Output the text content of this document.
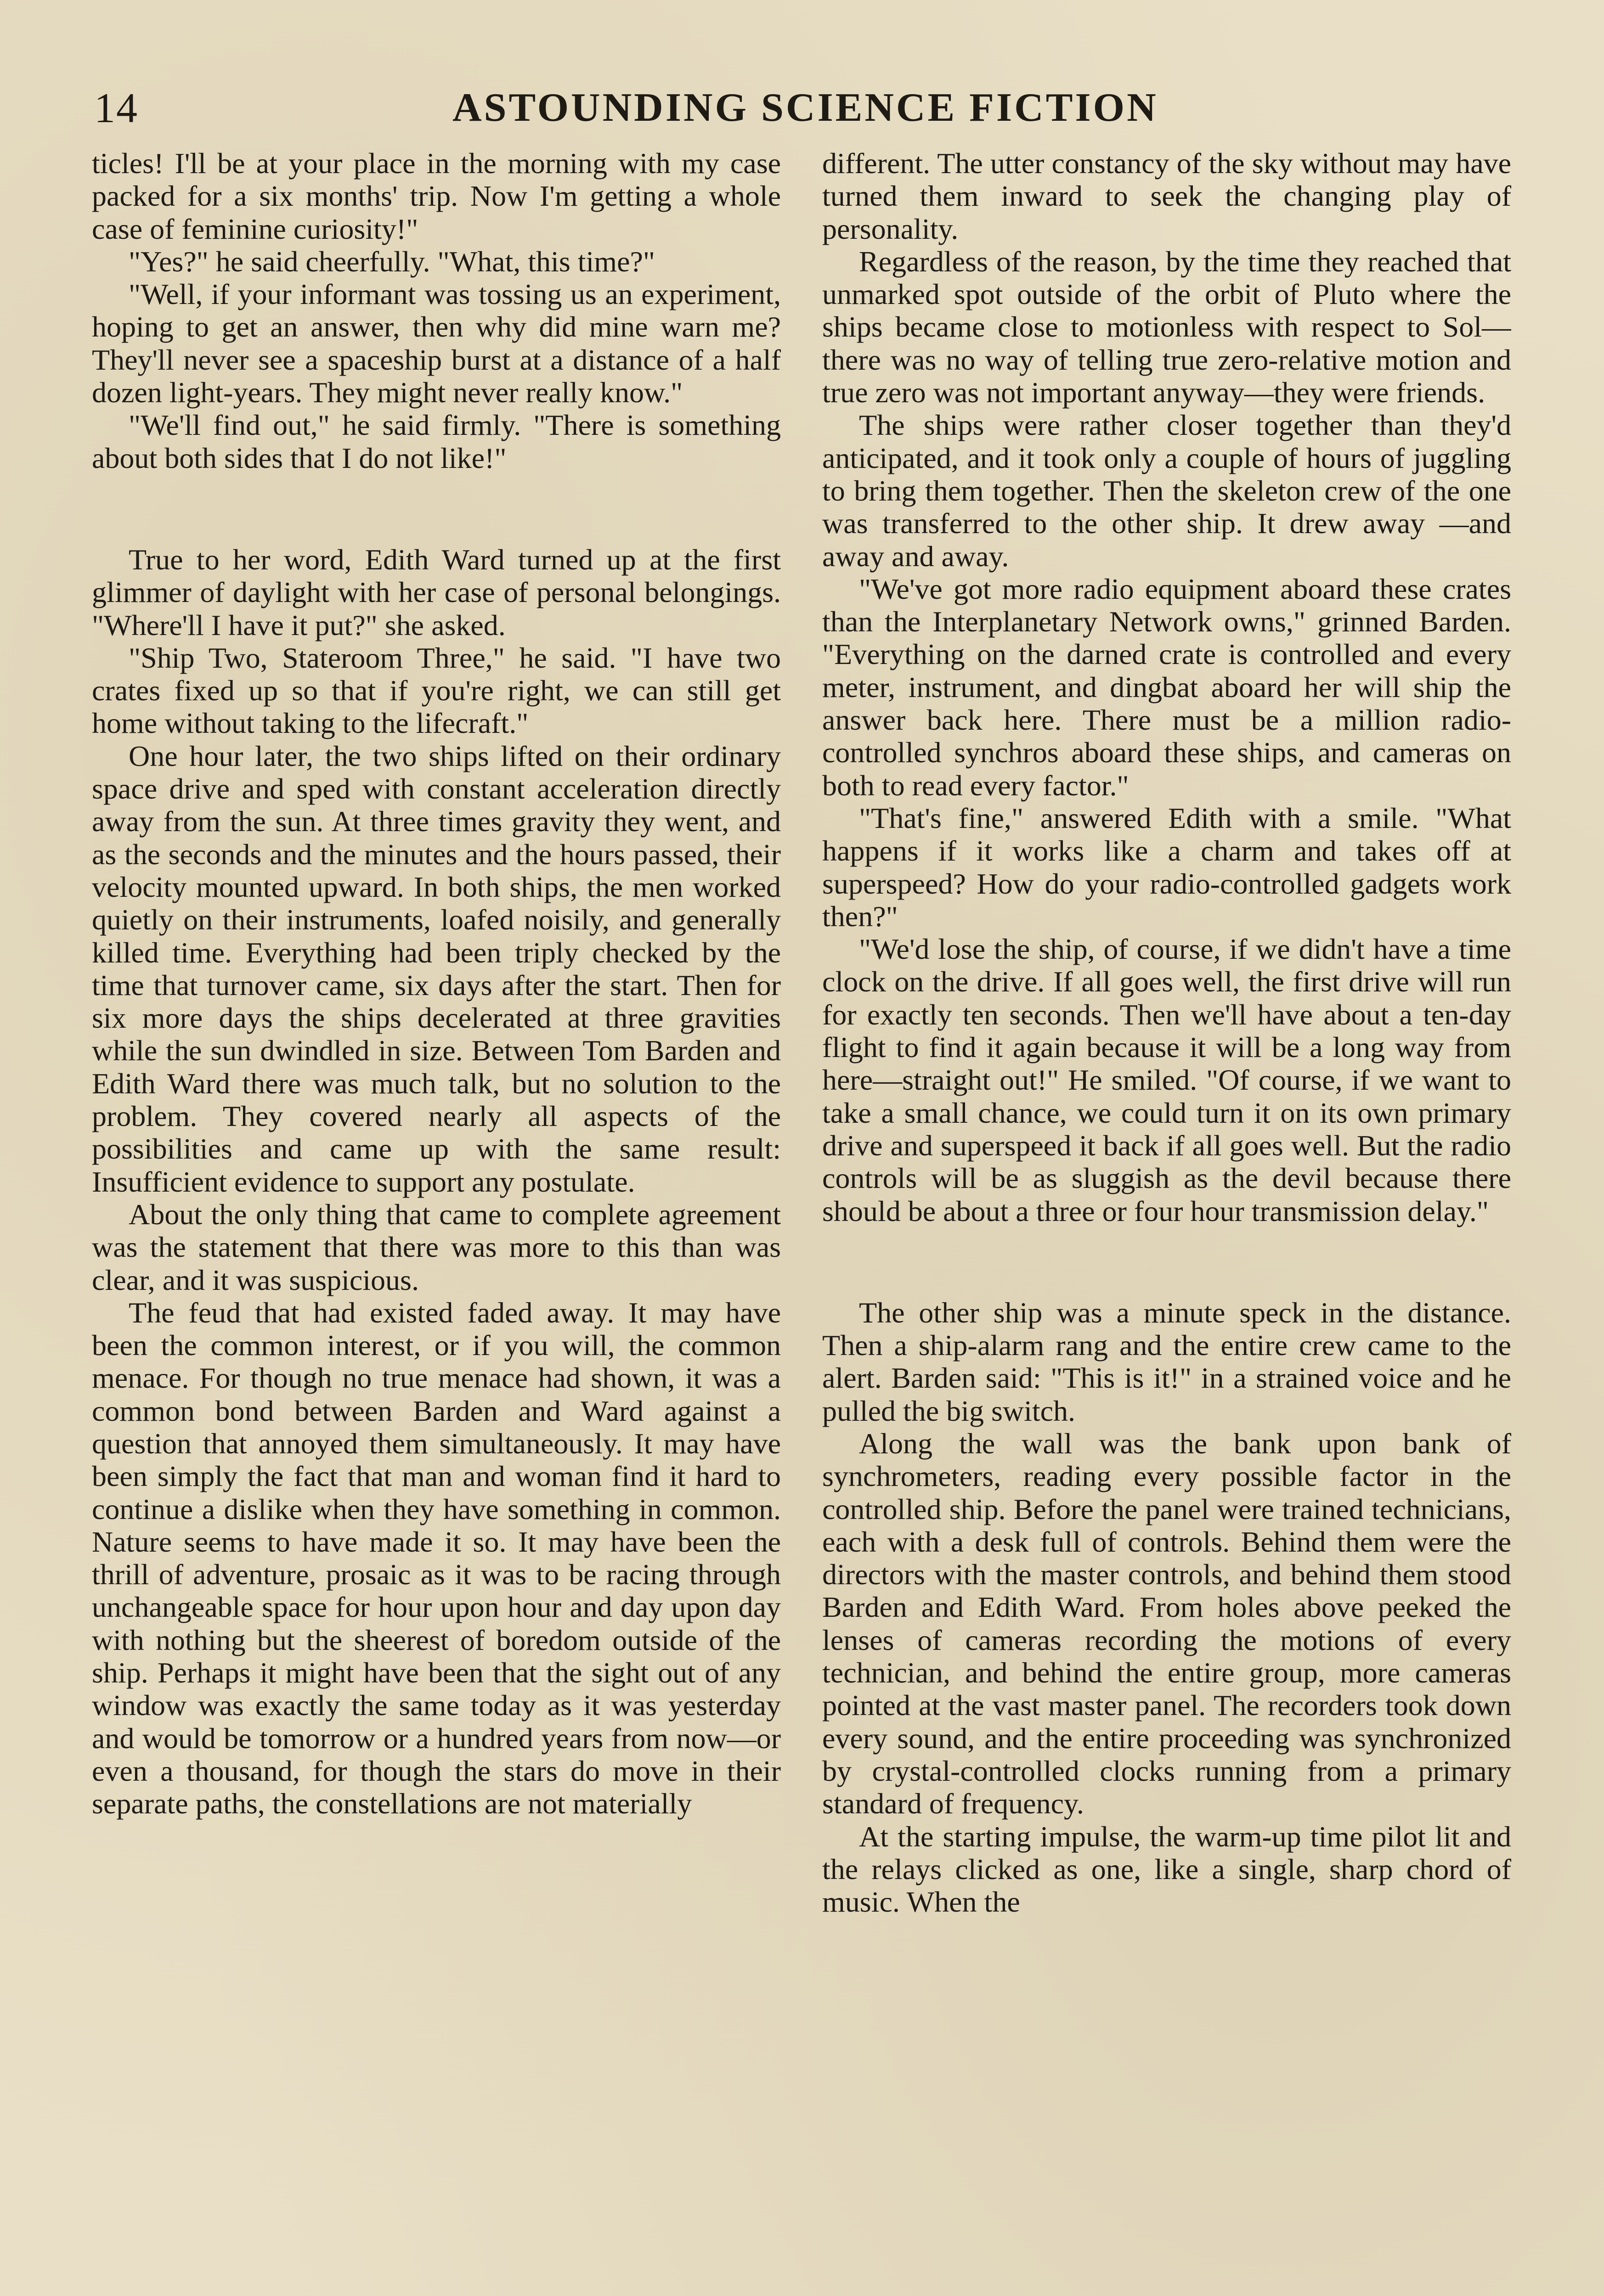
14	ASTOUNDING SCIENCE FICTION

ticles! I'll be at your place in the morning with my case packed for a six months' trip. Now I'm getting a whole case of feminine curiosity!"

"Yes?" he said cheerfully. "What, this time?"

"Well, if your informant was tossing us an experiment, hoping to get an answer, then why did mine warn me? They'll never see a spaceship burst at a distance of a half dozen light-years. They might never really know."

"We'll find out," he said firmly. "There is something about both sides that I do not like!"

True to her word, Edith Ward turned up at the first glimmer of daylight with her case of personal belongings. "Where'll I have it put?" she asked.

"Ship Two, Stateroom Three," he said. "I have two crates fixed up so that if you're right, we can still get home without taking to the lifecraft."

One hour later, the two ships lifted on their ordinary space drive and sped with constant acceleration directly away from the sun. At three times gravity they went, and as the seconds and the minutes and the hours passed, their velocity mounted upward. In both ships, the men worked quietly on their instruments, loafed noisily, and generally killed time. Everything had been triply checked by the time that turnover came, six days after the start. Then for six more days the ships decelerated at three gravities while the sun dwindled in size. Between Tom Barden and Edith Ward there was much talk, but no solution to the problem. They covered nearly all aspects of the possibilities and came up with the same result: Insufficient evidence to support any postulate.

About the only thing that came to complete agreement was the statement that there was more to this than was clear, and it was suspicious.

The feud that had existed faded away. It may have been the common interest, or if you will, the common menace. For though no true menace had shown, it was a common bond between Barden and Ward against a question that annoyed them simultaneously. It may have been simply the fact that man and woman find it hard to continue a dislike when they have something in common. Nature seems to have made it so. It may have been the thrill of adventure, prosaic as it was to be racing through unchangeable space for hour upon hour and day upon day with nothing but the sheerest of boredom outside of the ship. Perhaps it might have been that the sight out of any window was exactly the same today as it was yesterday and would be tomorrow or a hundred years from now—or even a thousand, for though the stars do move in their separate paths, the constellations are not materially

different. The utter constancy of the sky without may have turned them inward to seek the changing play of personality.

Regardless of the reason, by the time they reached that unmarked spot outside of the orbit of Pluto where the ships became close to motionless with respect to Sol—there was no way of telling true zero-relative motion and true zero was not important anyway—they were friends.

The ships were rather closer together than they'd anticipated, and it took only a couple of hours of juggling to bring them together. Then the skeleton crew of the one was transferred to the other ship. It drew away —and away and away.

"We've got more radio equipment aboard these crates than the Interplanetary Network owns," grinned Barden. "Everything on the darned crate is controlled and every meter, instrument, and dingbat aboard her will ship the answer back here. There must be a million radio-controlled synchros aboard these ships, and cameras on both to read every factor."

"That's fine," answered Edith with a smile. "What happens if it works like a charm and takes off at superspeed? How do your radio-controlled gadgets work then?"

"We'd lose the ship, of course, if we didn't have a time clock on the drive. If all goes well, the first drive will run for exactly ten seconds. Then we'll have about a ten-day flight to find it again because it will be a long way from here—straight out!" He smiled. "Of course, if we want to take a small chance, we could turn it on its own primary drive and superspeed it back if all goes well. But the radio controls will be as sluggish as the devil because there should be about a three or four hour transmission delay."

The other ship was a minute speck in the distance. Then a ship-alarm rang and the entire crew came to the alert. Barden said: "This is it!" in a strained voice and he pulled the big switch.

Along the wall was the bank upon bank of synchrometers, reading every possible factor in the controlled ship. Before the panel were trained technicians, each with a desk full of controls. Behind them were the directors with the master controls, and behind them stood Barden and Edith Ward. From holes above peeked the lenses of cameras recording the motions of every technician, and behind the entire group, more cameras pointed at the vast master panel. The recorders took down every sound, and the entire proceeding was synchronized by crystal-controlled clocks running from a primary standard of frequency.

At the starting impulse, the warm-up time pilot lit and the relays clicked as one, like a single, sharp chord of music. When the
